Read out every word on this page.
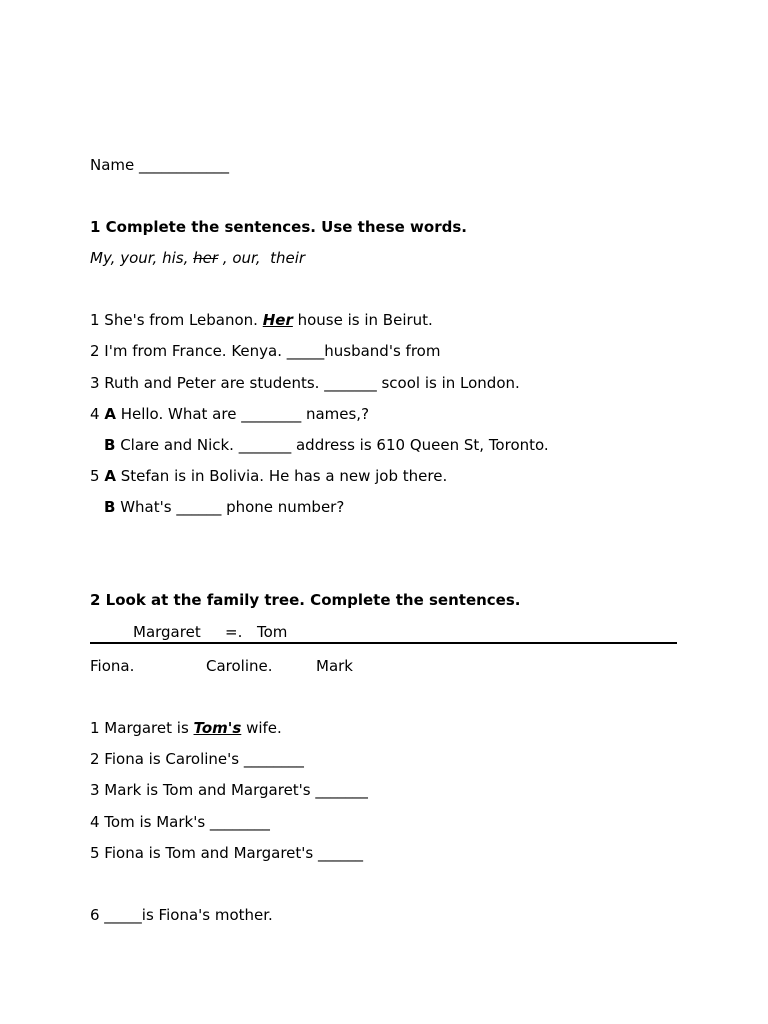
Name ____________
1 Complete the sentences. Use these words.
My, your, his, her , our,  their
1 She's from Lebanon. Her house is in Beirut.
2 I'm from France. Kenya. _____husband's from
3 Ruth and Peter are students. _______ scool is in London.
4 A Hello. What are ________ names,?
B Clare and Nick. _______ address is 610 Queen St, Toronto.
5 A Stefan is in Bolivia. He has a new job there.
B What's ______ phone number?
2 Look at the family tree. Complete the sentences.
Margaret =. Tom
Fiona.	Caroline.	Mark
1 Margaret is Tom's wife.
2 Fiona is Caroline's ________
3 Mark is Tom and Margaret's _______
4 Tom is Mark's ________
5 Fiona is Tom and Margaret's ______
6 _____is Fiona's mother.
